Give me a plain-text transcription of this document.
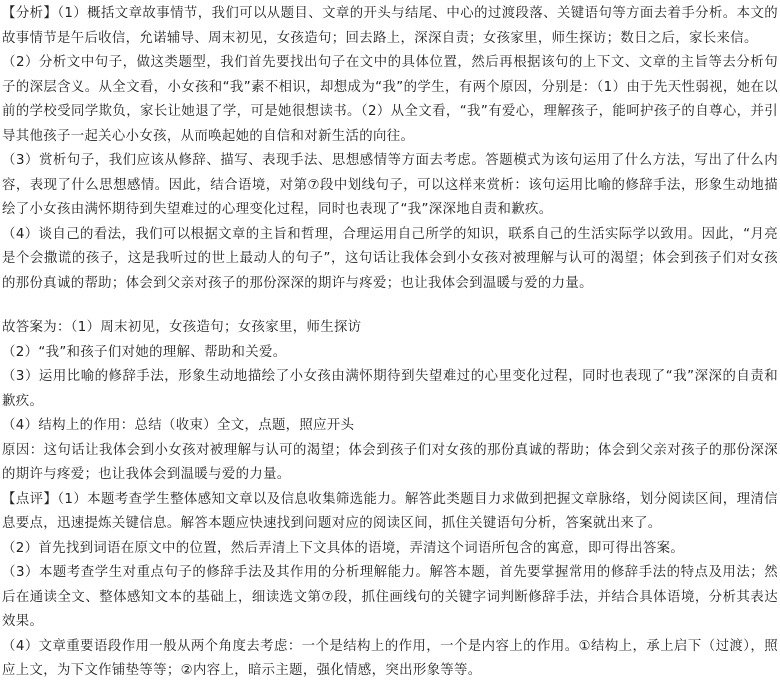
【分析】（1）概括文章故事情节，我们可以从题目、文章的开头与结尾、中心的过渡段落、关键语句等方面去着手分析。本文的故事情节是午后收信，允诺辅导、周末初见，女孩造句；回去路上，深深自责；女孩家里，师生探访；数日之后，家长来信。

（2）分析文中句子，做这类题型，我们首先要找出句子在文中的具体位置，然后再根据该句的上下文、文章的主旨等去分析句子的深层含义。从全文看，小女孩和“我”素不相识，却想成为“我”的学生，有两个原因，分别是：（1）由于先天性弱视，她在以前的学校受同学欺负，家长让她退了学，可是她很想读书。（2）从全文看，“我”有爱心，理解孩子，能呵护孩子的自尊心，并引导其他孩子一起关心小女孩，从而唤起她的自信和对新生活的向往。

（3）赏析句子，我们应该从修辞、描写、表现手法、思想感情等方面去考虑。答题模式为该句运用了什么方法，写出了什么内容，表现了什么思想感情。因此，结合语境，对第⑦段中划线句子，可以这样来赏析：该句运用比喻的修辞手法，形象生动地描绘了小女孩由满怀期待到失望难过的心理变化过程，同时也表现了“我”深深地自责和歉疚。

（4）谈自己的看法，我们可以根据文章的主旨和哲理，合理运用自己所学的知识，联系自己的生活实际学以致用。因此，“月亮是个会撒谎的孩子，这是我听过的世上最动人的句子”，这句话让我体会到小女孩对被理解与认可的渴望；体会到孩子们对女孩的那份真诚的帮助；体会到父亲对孩子的那份深深的期许与疼爱；也让我体会到温暖与爱的力量。

故答案为：（1）周末初见，女孩造句；女孩家里，师生探访

（2）“我”和孩子们对她的理解、帮助和关爱。

（3）运用比喻的修辞手法，形象生动地描绘了小女孩由满怀期待到失望难过的心里变化过程，同时也表现了“我”深深的自责和歉疚。

（4）结构上的作用：总结（收束）全文，点题，照应开头

原因：这句话让我体会到小女孩对被理解与认可的渴望；体会到孩子们对女孩的那份真诚的帮助；体会到父亲对孩子的那份深深的期许与疼爱；也让我体会到温暖与爱的力量。

【点评】（1）本题考查学生整体感知文章以及信息收集筛选能力。解答此类题目力求做到把握文章脉络，划分阅读区间，理清信息要点，迅速提炼关键信息。解答本题应快速找到问题对应的阅读区间，抓住关键语句分析，答案就出来了。

（2）首先找到词语在原文中的位置，然后弄清上下文具体的语境，弄清这个词语所包含的寓意，即可得出答案。

（3）本题考查学生对重点句子的修辞手法及其作用的分析理解能力。解答本题，首先要掌握常用的修辞手法的特点及用法；然后在通读全文、整体感知文本的基础上，细读选文第⑦段，抓住画线句的关键字词判断修辞手法，并结合具体语境，分析其表达效果。

（4）文章重要语段作用一般从两个角度去考虑：一个是结构上的作用，一个是内容上的作用。①结构上，承上启下（过渡），照应上文，为下文作铺垫等等；②内容上，暗示主题，强化情感，突出形象等等。
